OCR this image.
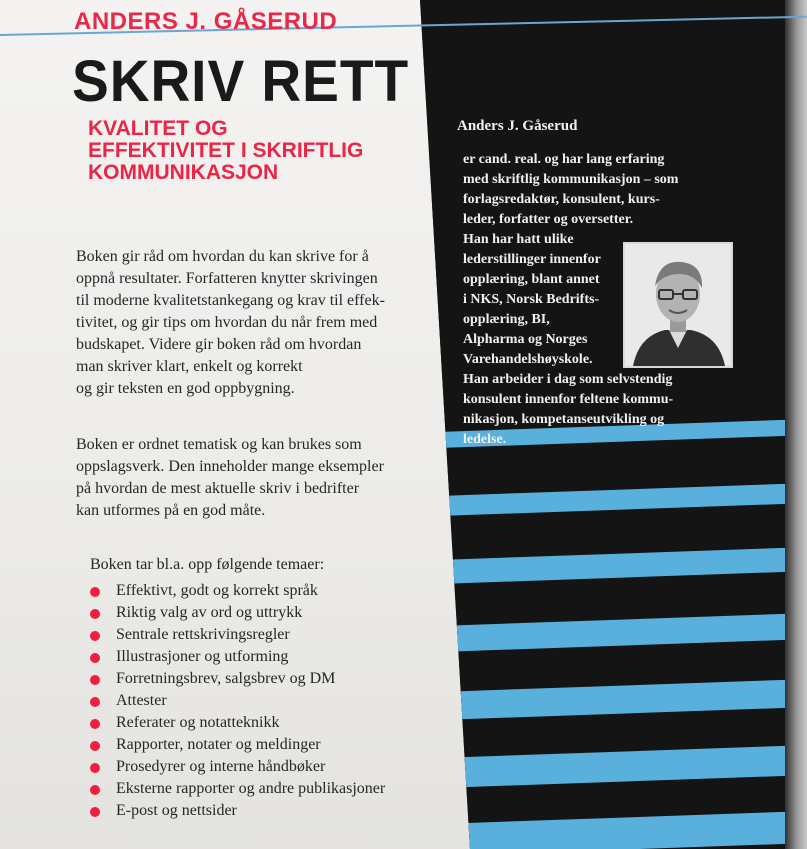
ANDERS J. GÅSERUD
SKRIV RETT
KVALITET OG
EFFEKTIVITET I SKRIFTLIG
KOMMUNIKASJON
Boken gir råd om hvordan du kan skrive for å
oppnå resultater. Forfatteren knytter skrivingen
til moderne kvalitetstankegang og krav til effek-
tivitet, og gir tips om hvordan du når frem med
budskapet. Videre gir boken råd om hvordan
man skriver klart, enkelt og korrekt
og gir teksten en god oppbygning.
Boken er ordnet tematisk og kan brukes som
oppslagsverk. Den inneholder mange eksempler
på hvordan de mest aktuelle skriv i bedrifter
kan utformes på en god måte.
Boken tar bl.a. opp følgende temaer:
Effektivt, godt og korrekt språk
Riktig valg av ord og uttrykk
Sentrale rettskrivingsregler
Illustrasjoner og utforming
Forretningsbrev, salgsbrev og DM
Attester
Referater og notatteknikk
Rapporter, notater og meldinger
Prosedyrer og interne håndbøker
Eksterne rapporter og andre publikasjoner
E-post og nettsider
Anders J. Gåserud
er cand. real. og har lang erfaring
med skriftlig kommunikasjon – som
forlagsredaktør, konsulent, kurs-
leder, forfatter og oversetter.
Han har hatt ulike
lederstillinger innenfor
opplæring, blant annet
i NKS, Norsk Bedrifts-
opplæring, BI,
Alpharma og Norges
Varehandelshøyskole.
Han arbeider i dag som selvstendig
konsulent innenfor feltene kommu-
nikasjon, kompetanseutvikling og
ledelse.
